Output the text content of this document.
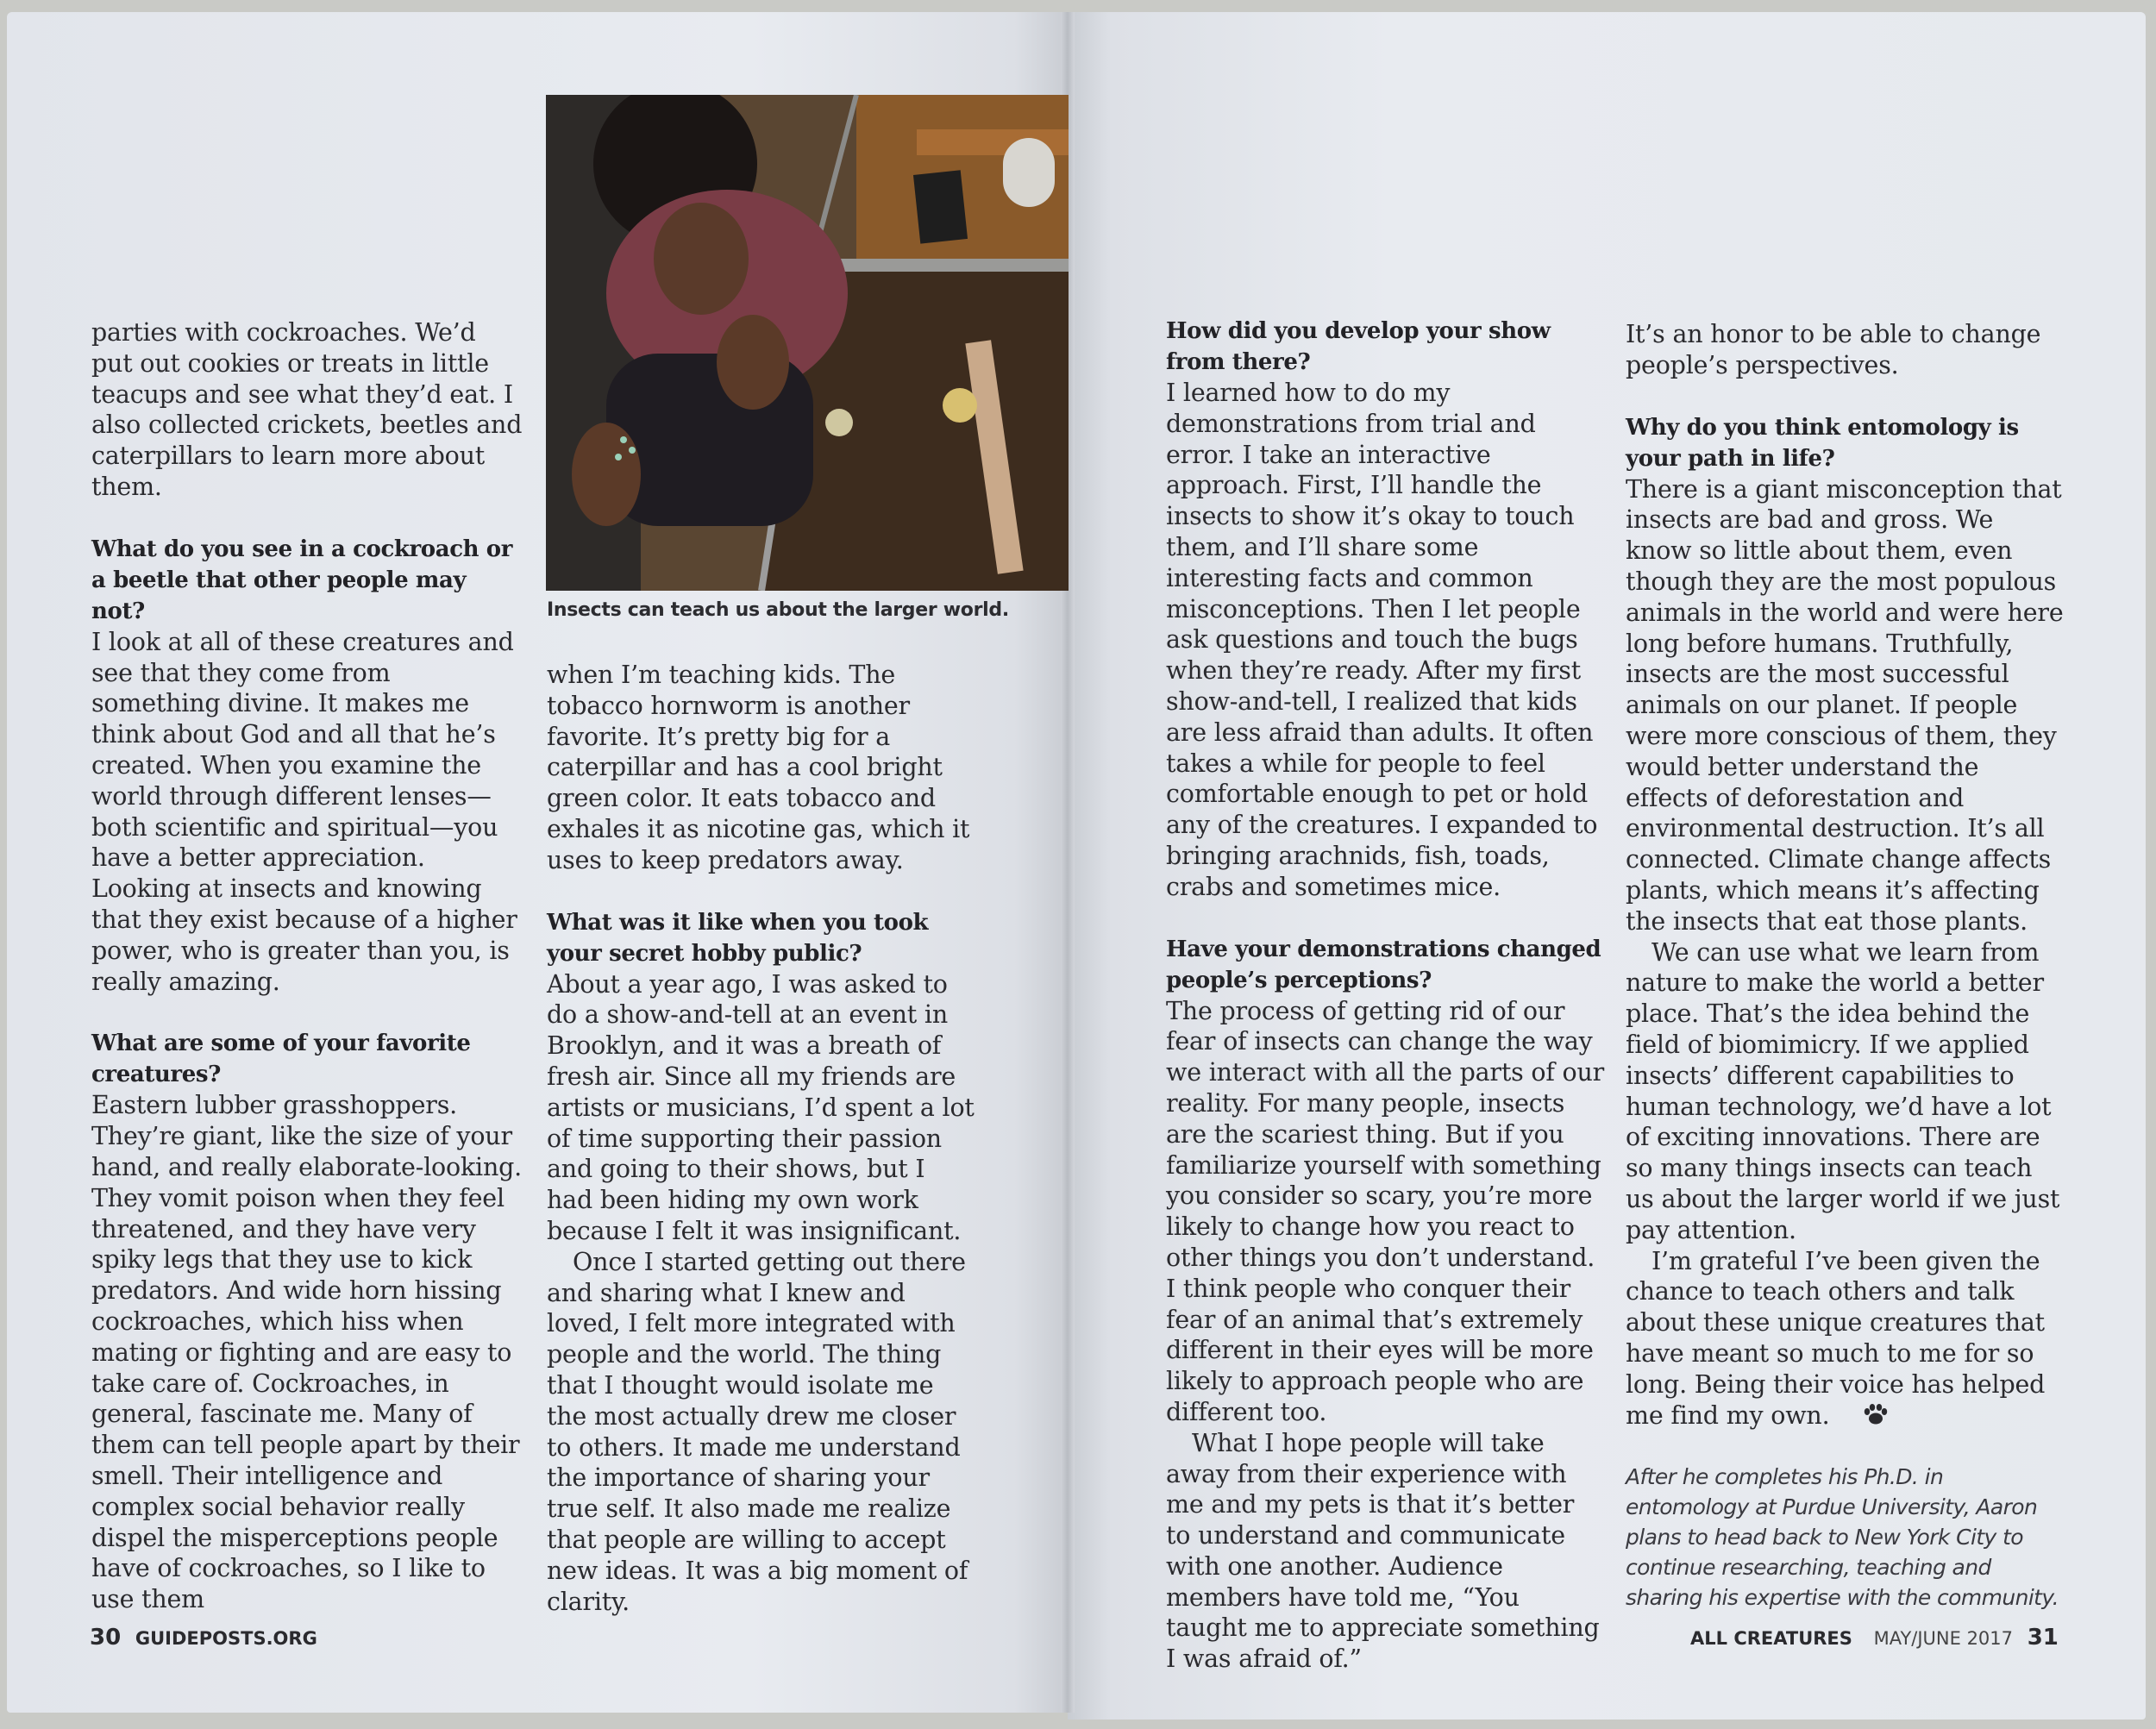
parties with cockroaches. We’d put out cookies or treats in little teacups and see what they’d eat. I also collected crickets, beetles and caterpillars to learn more about them.

What do you see in a cockroach or a beetle that other people may not?

I look at all of these creatures and see that they come from something divine. It makes me think about God and all that he’s created. When you examine the world through different lenses—both scientific and spiritual—you have a better appreciation. Looking at insects and knowing that they exist because of a higher power, who is greater than you, is really amazing.

What are some of your favorite creatures?

Eastern lubber grasshoppers. They’re giant, like the size of your hand, and really elaborate-looking. They vomit poison when they feel threatened, and they have very spiky legs that they use to kick predators. And wide horn hissing cockroaches, which hiss when mating or fighting and are easy to take care of. Cockroaches, in general, fascinate me. Many of them can tell people apart by their smell. Their intelligence and complex social behavior really dispel the misperceptions people have of cockroaches, so I like to use them

Insects can teach us about the larger world.

when I’m teaching kids. The tobacco hornworm is another favorite. It’s pretty big for a caterpillar and has a cool bright green color. It eats tobacco and exhales it as nicotine gas, which it uses to keep predators away.

What was it like when you took your secret hobby public?

About a year ago, I was asked to do a show-and-tell at an event in Brooklyn, and it was a breath of fresh air. Since all my friends are artists or musicians, I’d spent a lot of time supporting their passion and going to their shows, but I had been hiding my own work because I felt it was insignificant.

Once I started getting out there and sharing what I knew and loved, I felt more integrated with people and the world. The thing that I thought would isolate me the most actually drew me closer to others. It made me understand the importance of sharing your true self. It also made me realize that people are willing to accept new ideas. It was a big moment of clarity.

How did you develop your show from there?

I learned how to do my demonstrations from trial and error. I take an interactive approach. First, I’ll handle the insects to show it’s okay to touch them, and I’ll share some interesting facts and common misconceptions. Then I let people ask questions and touch the bugs when they’re ready. After my first show-and-tell, I realized that kids are less afraid than adults. It often takes a while for people to feel comfortable enough to pet or hold any of the creatures. I expanded to bringing arachnids, fish, toads, crabs and sometimes mice.

Have your demonstrations changed people’s perceptions?

The process of getting rid of our fear of insects can change the way we interact with all the parts of our reality. For many people, insects are the scariest thing. But if you familiarize yourself with something you consider so scary, you’re more likely to change how you react to other things you don’t understand. I think people who conquer their fear of an animal that’s extremely different in their eyes will be more likely to approach people who are different too.

What I hope people will take away from their experience with me and my pets is that it’s better to understand and communicate with one another. Audience members have told me, “You taught me to appreciate something I was afraid of.”

It’s an honor to be able to change people’s perspectives.

Why do you think entomology is your path in life?

There is a giant misconception that insects are bad and gross. We know so little about them, even though they are the most populous animals in the world and were here long before humans. Truthfully, insects are the most successful animals on our planet. If people were more conscious of them, they would better understand the effects of deforestation and environmental destruction. It’s all connected. Climate change affects plants, which means it’s affecting the insects that eat those plants.

We can use what we learn from nature to make the world a better place. That’s the idea behind the field of biomimicry. If we applied insects’ different capabilities to human technology, we’d have a lot of exciting innovations. There are so many things insects can teach us about the larger world if we just pay attention.

I’m grateful I’ve been given the chance to teach others and talk about these unique creatures that have meant so much to me for so long. Being their voice has helped me find my own.

After he completes his Ph.D. in entomology at Purdue University, Aaron plans to head back to New York City to continue researching, teaching and sharing his expertise with the community.

30 GUIDEPOSTS.ORG	ALL CREATURES MAY/JUNE 2017 31
